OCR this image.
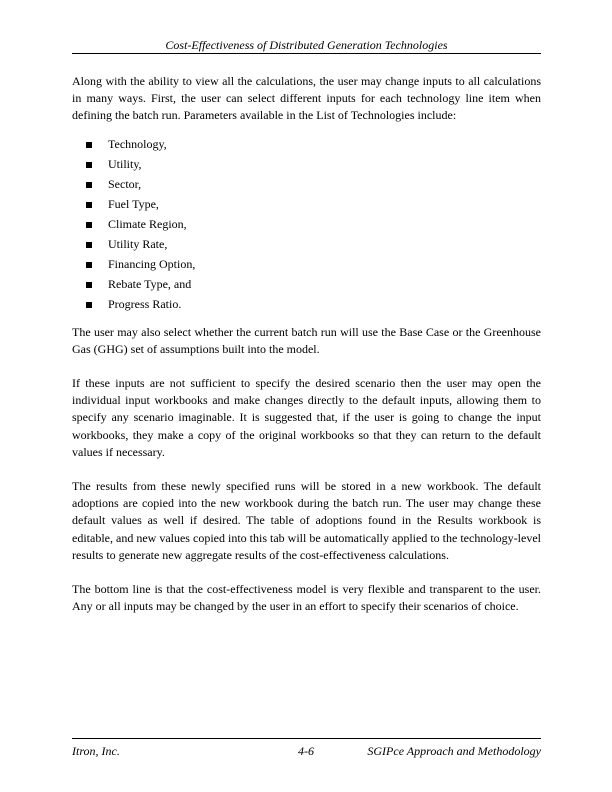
Cost-Effectiveness of Distributed Generation Technologies

Along with the ability to view all the calculations, the user may change inputs to all calculations in many ways. First, the user can select different inputs for each technology line item when defining the batch run. Parameters available in the List of Technologies include:

Technology,
Utility,
Sector,
Fuel Type,
Climate Region,
Utility Rate,
Financing Option,
Rebate Type, and
Progress Ratio.

The user may also select whether the current batch run will use the Base Case or the Greenhouse Gas (GHG) set of assumptions built into the model.

If these inputs are not sufficient to specify the desired scenario then the user may open the individual input workbooks and make changes directly to the default inputs, allowing them to specify any scenario imaginable. It is suggested that, if the user is going to change the input workbooks, they make a copy of the original workbooks so that they can return to the default values if necessary.

The results from these newly specified runs will be stored in a new workbook. The default adoptions are copied into the new workbook during the batch run. The user may change these default values as well if desired. The table of adoptions found in the Results workbook is editable, and new values copied into this tab will be automatically applied to the technology-level results to generate new aggregate results of the cost-effectiveness calculations.

The bottom line is that the cost-effectiveness model is very flexible and transparent to the user. Any or all inputs may be changed by the user in an effort to specify their scenarios of choice.

Itron, Inc.	4-6	SGIPce Approach and Methodology
